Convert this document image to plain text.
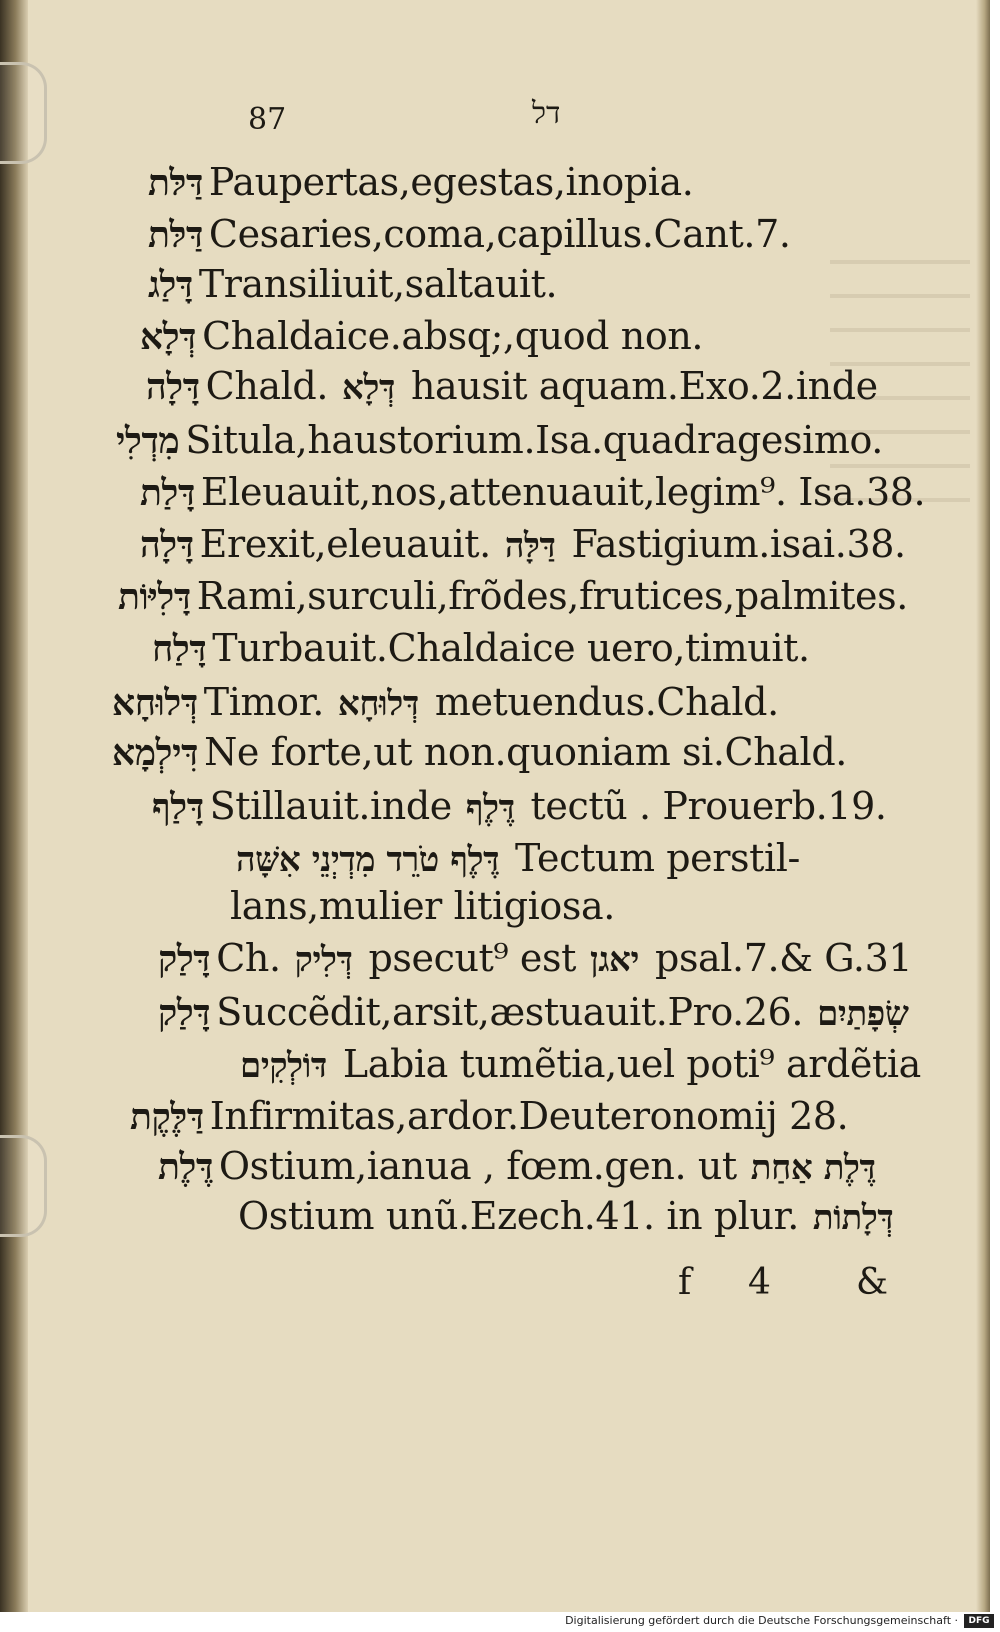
87	דל
דַּלּת Paupertas,egestas,inopia.
דַּלּת Cesaries,coma,capillus.Cant.7.
דָּלַג Transiliuit,saltauit.
דְּלָא Chaldaice.absq;,quod non.
דָּלָה Chald. דְּלָא hausit aquam.Exo.2.inde
מִדְלִי Situla,haustorium.Isa.quadragesimo.
דָּלַת Eleuauit,nos,attenuauit,legim⁹. Isa.38.
דָּלָה Erexit,eleuauit. דַּלָּה Fastigium.isai.38.
דָּלִיּוֹת Rami,surculi,frõdes,frutices,palmites.
דָּלַח Turbauit.Chaldaice uero,timuit.
דְּלוּחָא Timor. דְּלוּחָא metuendus.Chald.
דִּילְמָא Ne forte,ut non.quoniam si.Chald.
דָּלַף Stillauit.inde דֶּלֶף tectũ . Prouerb.19.
דֶּלֶף טֹרֵד מִדְיְנֵי אִשָּׁה Tectum perstil-
lans,mulier litigiosa.
דָּלַק Ch. דְּלִיק psecut⁹ est יאגן psal.7.& G.31
דָּלַק Succẽdit,arsit,æstuauit.Pro.26. שְׂפָתַיִם
דּוֹלְקִים Labia tumẽtia,uel poti⁹ ardẽtia
דַּלֶּקֶת Infirmitas,ardor.Deuteronomij 28.
דֶּלֶת Ostium,ianua , fœm.gen. ut דֶּלֶת אַחַת
Ostium unũ.Ezech.41. in plur. דְּלָתוֹת
f 4 &
Digitalisierung gefördert durch die Deutsche Forschungsgemeinschaft ·	DFG
